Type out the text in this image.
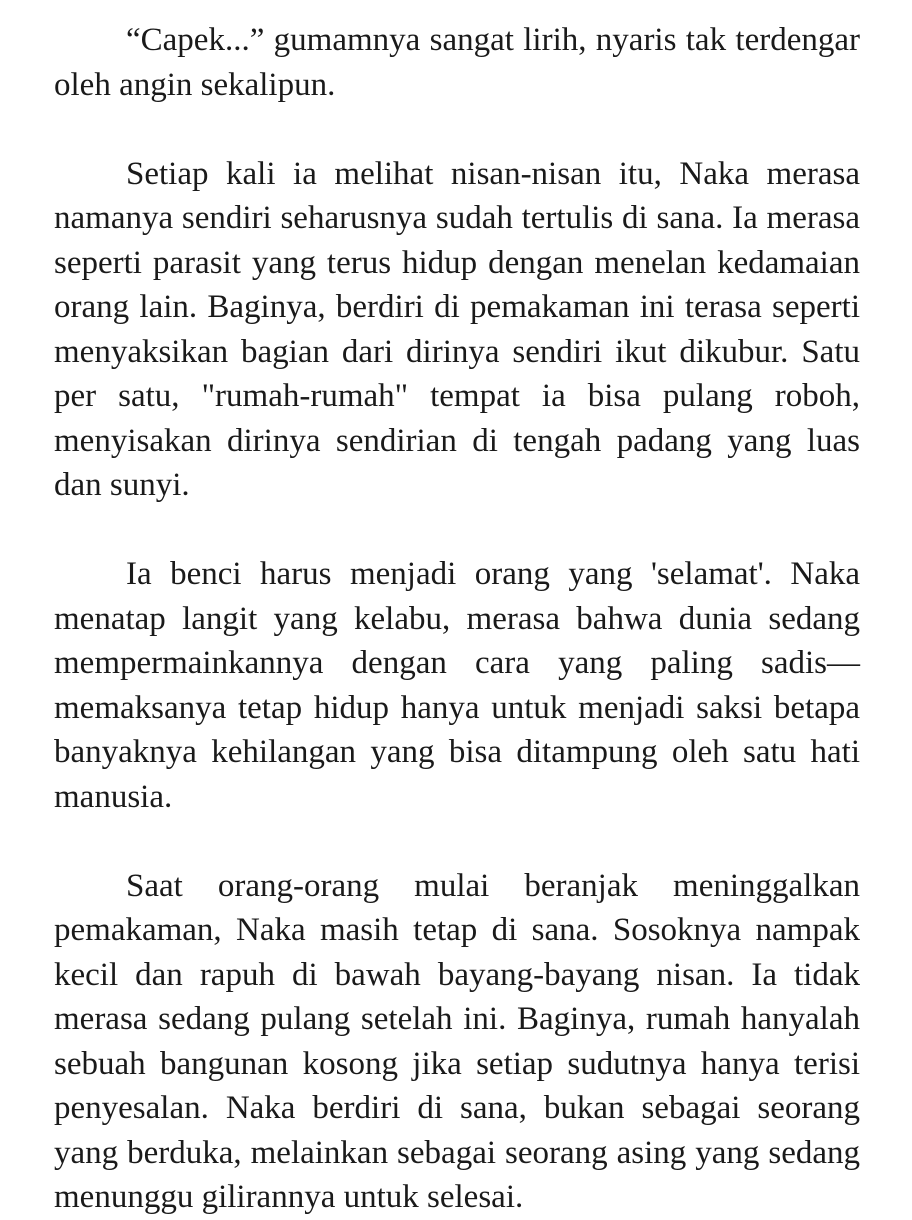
“Capek...” gumamnya sangat lirih, nyaris tak terdengar oleh angin sekalipun.

Setiap kali ia melihat nisan-nisan itu, Naka merasa namanya sendiri seharusnya sudah tertulis di sana. Ia merasa seperti parasit yang terus hidup dengan menelan kedamaian orang lain. Baginya, berdiri di pemakaman ini terasa seperti menyaksikan bagian dari dirinya sendiri ikut dikubur. Satu per satu, "rumah-rumah" tempat ia bisa pulang roboh, menyisakan dirinya sendirian di tengah padang yang luas dan sunyi.

Ia benci harus menjadi orang yang 'selamat'. Naka menatap langit yang kelabu, merasa bahwa dunia sedang mempermainkannya dengan cara yang paling sadis—memaksanya tetap hidup hanya untuk menjadi saksi betapa banyaknya kehilangan yang bisa ditampung oleh satu hati manusia.

Saat orang-orang mulai beranjak meninggalkan pemakaman, Naka masih tetap di sana. Sosoknya nampak kecil dan rapuh di bawah bayang-bayang nisan. Ia tidak merasa sedang pulang setelah ini. Baginya, rumah hanyalah sebuah bangunan kosong jika setiap sudutnya hanya terisi penyesalan. Naka berdiri di sana, bukan sebagai seorang yang berduka, melainkan sebagai seorang asing yang sedang menunggu gilirannya untuk selesai.
